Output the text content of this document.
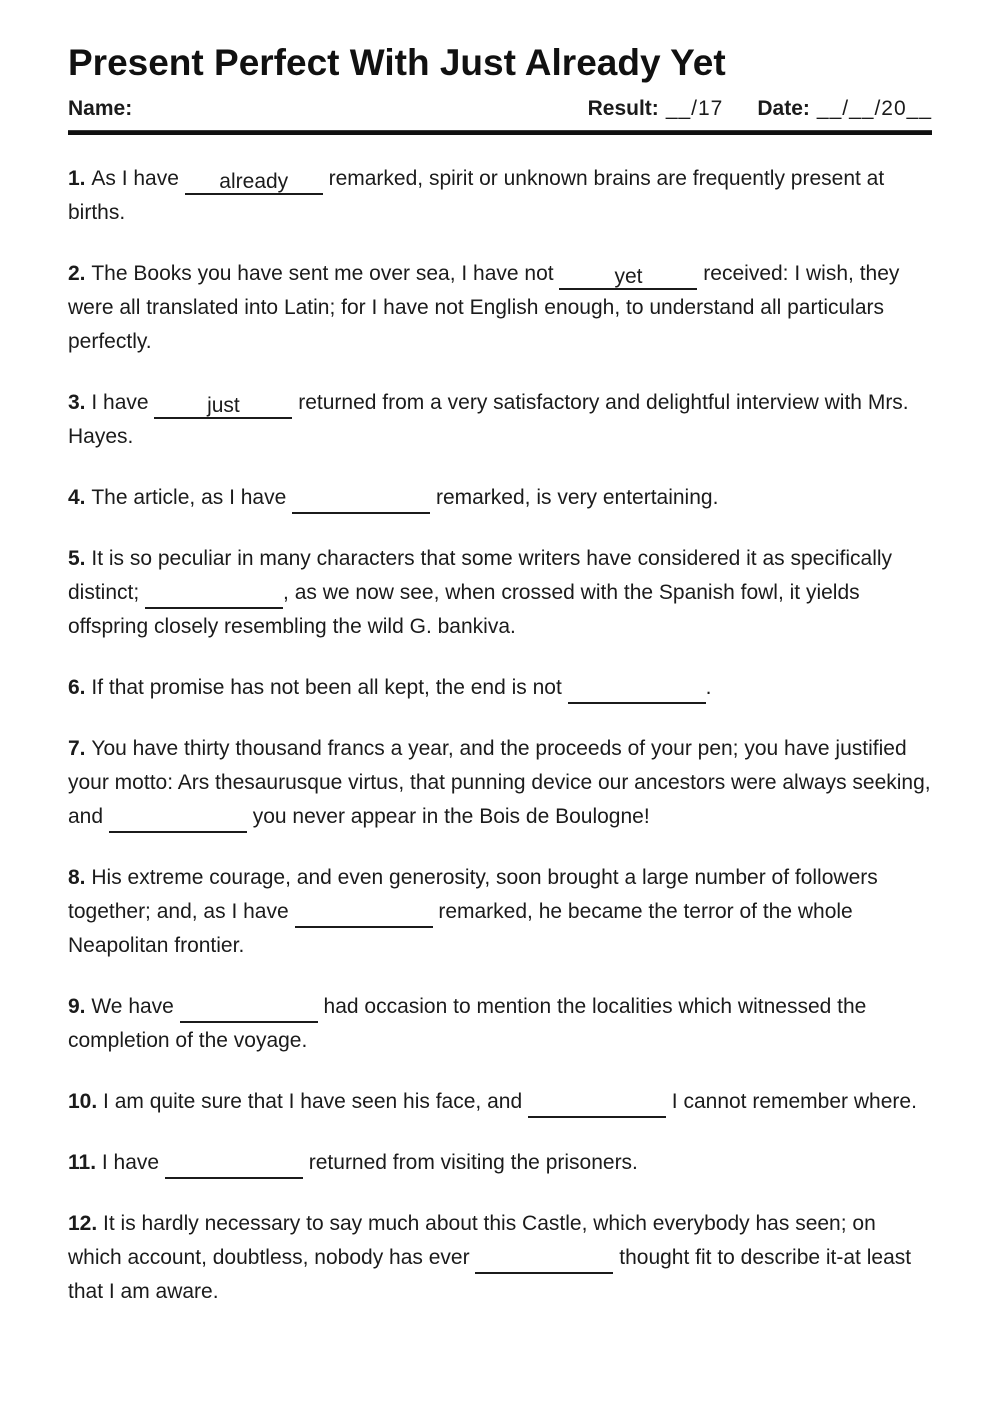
Present Perfect With Just Already Yet
Name:	Result: __/17 Date: __/__/20__

1. As I have already remarked, spirit or unknown brains are frequently present at births.

2. The Books you have sent me over sea, I have not	yet	received: I wish, they were all translated into Latin; for I have not English enough, to understand all particulars perfectly.

3. I have	just	returned from a very satisfactory and delightful interview with Mrs. Hayes.

4. The article, as I have	remarked, is very entertaining.

5. It is so peculiar in many characters that some writers have considered it as specifically distinct;	, as we now see, when crossed with the Spanish fowl, it yields offspring closely resembling the wild G. bankiva.

6. If that promise has not been all kept, the end is not	.

7. You have thirty thousand francs a year, and the proceeds of your pen; you have justified your motto: Ars thesaurusque virtus, that punning device our ancestors were always seeking, and	you never appear in the Bois de Boulogne!

8. His extreme courage, and even generosity, soon brought a large number of followers together; and, as I have	remarked, he became the terror of the whole Neapolitan frontier.

9. We have	had occasion to mention the localities which witnessed the completion of the voyage.

10. I am quite sure that I have seen his face, and	I cannot remember where.

11. I have	returned from visiting the prisoners.

12. It is hardly necessary to say much about this Castle, which everybody has seen; on which account, doubtless, nobody has ever	thought fit to describe it-at least that I am aware.
